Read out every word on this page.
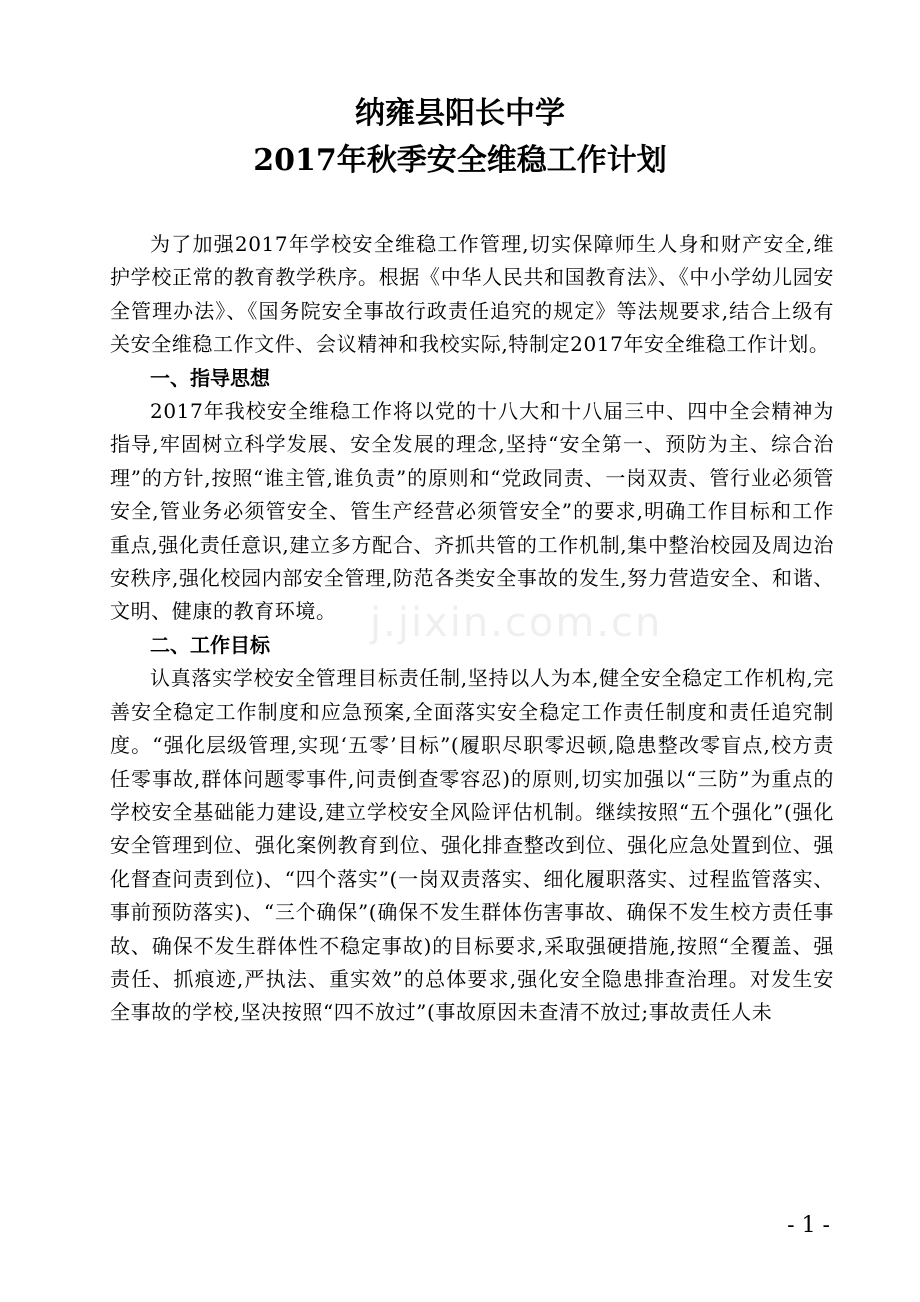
纳雍县阳长中学
2017年秋季安全维稳工作计划

为了加强2017年学校安全维稳工作管理,切实保障师生人身和财产安全,维护学校正常的教育教学秩序。根据《中华人民共和国教育法》、《中小学幼儿园安全管理办法》、《国务院安全事故行政责任追究的规定》等法规要求,结合上级有关安全维稳工作文件、会议精神和我校实际,特制定2017年安全维稳工作计划。

一、指导思想

2017年我校安全维稳工作将以党的十八大和十八届三中、四中全会精神为指导,牢固树立科学发展、安全发展的理念,坚持“安全第一、预防为主、综合治理”的方针,按照“谁主管,谁负责”的原则和“党政同责、一岗双责、管行业必须管安全,管业务必须管安全、管生产经营必须管安全”的要求,明确工作目标和工作重点,强化责任意识,建立多方配合、齐抓共管的工作机制,集中整治校园及周边治安秩序,强化校园内部安全管理,防范各类安全事故的发生,努力营造安全、和谐、文明、健康的教育环境。

二、工作目标

认真落实学校安全管理目标责任制,坚持以人为本,健全安全稳定工作机构,完善安全稳定工作制度和应急预案,全面落实安全稳定工作责任制度和责任追究制度。“强化层级管理,实现‘五零’目标”(履职尽职零迟顿,隐患整改零盲点,校方责任零事故,群体问题零事件,问责倒查零容忍)的原则,切实加强以“三防”为重点的学校安全基础能力建设,建立学校安全风险评估机制。继续按照“五个强化”(强化安全管理到位、强化案例教育到位、强化排查整改到位、强化应急处置到位、强化督查问责到位)、“四个落实”(一岗双责落实、细化履职落实、过程监管落实、事前预防落实)、“三个确保”(确保不发生群体伤害事故、确保不发生校方责任事故、确保不发生群体性不稳定事故)的目标要求,采取强硬措施,按照“全覆盖、强责任、抓痕迹,严执法、重实效”的总体要求,强化安全隐患排查治理。对发生安全事故的学校,坚决按照“四不放过”(事故原因未查清不放过;事故责任人未

j.jixin.com.cn
- 1 -
